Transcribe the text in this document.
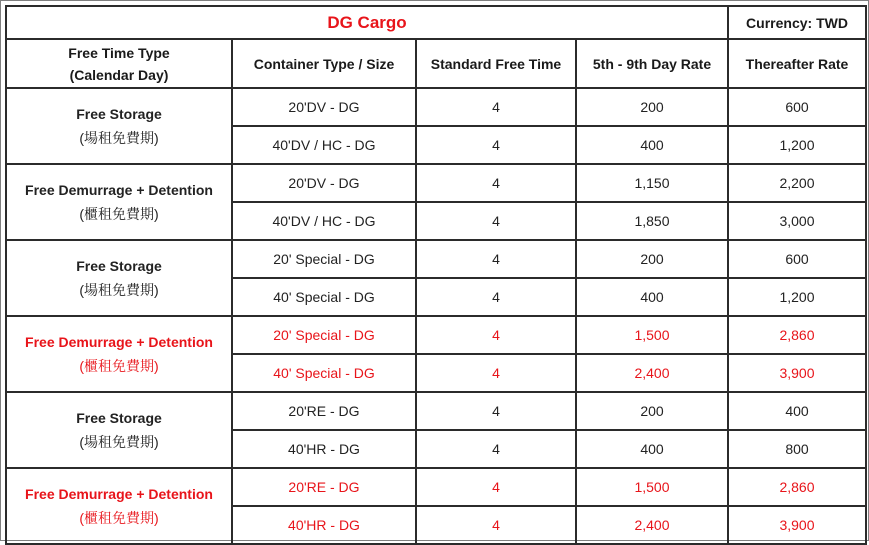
DG Cargo				Currency: TWD
Free Time Type
(Calendar Day)	Container Type / Size	Standard Free Time	5th - 9th Day Rate	Thereafter Rate

Free Storage
(場租免費期)	20'DV - DG	4	200	600
	40'DV / HC - DG	4	400	1,200

Free Demurrage + Detention
(櫃租免費期)	20'DV - DG	4	1,150	2,200
	40'DV / HC - DG	4	1,850	3,000

Free Storage
(場租免費期)	20' Special - DG	4	200	600
	40' Special - DG	4	400	1,200

Free Demurrage + Detention
(櫃租免費期)	20' Special - DG	4	1,500	2,860
	40' Special - DG	4	2,400	3,900

Free Storage
(場租免費期)	20'RE - DG	4	200	400
	40'HR - DG	4	400	800

Free Demurrage + Detention
(櫃租免費期)	20'RE - DG	4	1,500	2,860
	40'HR - DG	4	2,400	3,900
